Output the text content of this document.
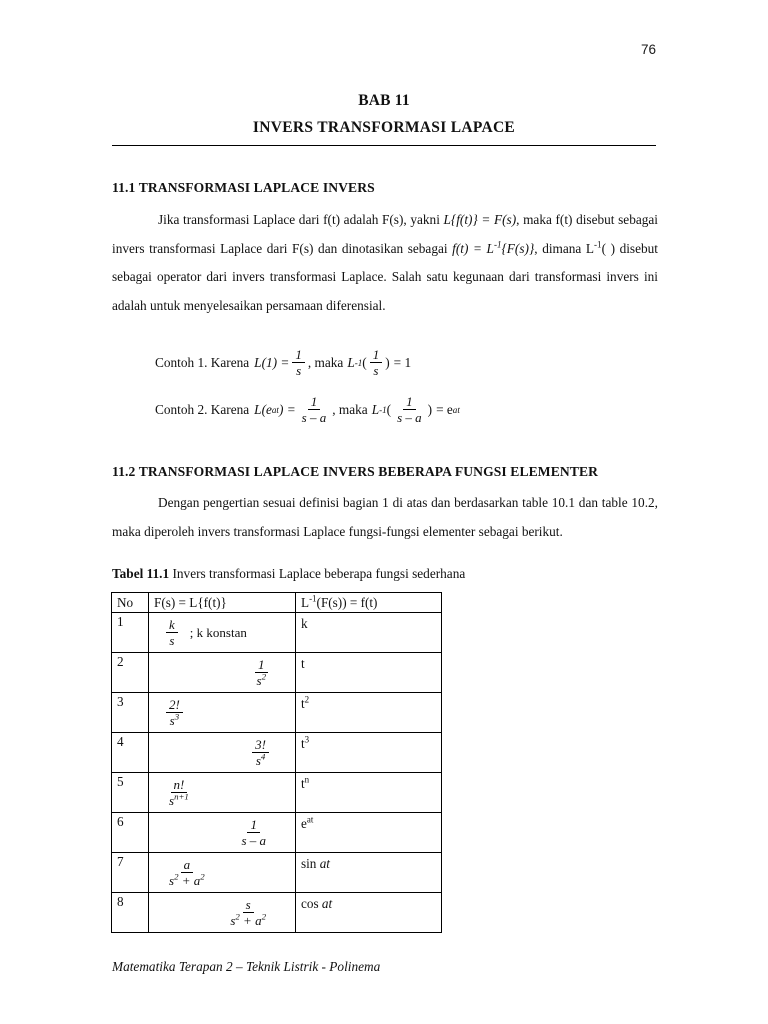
76
BAB 11
INVERS TRANSFORMASI LAPACE
11.1 TRANSFORMASI LAPLACE INVERS
Jika transformasi Laplace dari f(t) adalah F(s), yakni L{f(t)} = F(s), maka f(t) disebut sebagai invers transformasi Laplace dari F(s) dan dinotasikan sebagai $f(t) = L^{-1}\{F(s)\}$, dimana $L^{-1}$( ) disebut sebagai operator dari invers transformasi Laplace. Salah satu kegunaan dari transformasi invers ini adalah untuk menyelesaikan persamaan diferensial.
Contoh 1. Karena $L(1) = \frac{1}{s}$ , maka L -1 ( $\frac{1}{s}$ ) = 1
Contoh 2. Karena L(e at ) = $\frac{1}{s - a}$ , maka L -1 ( $\frac{1}{s - a}$ ) = e at
11.2 TRANSFORMASI LAPLACE INVERS BEBERAPA FUNGSI ELEMENTER
Dengan pengertian sesuai definisi bagian 1 di atas dan berdasarkan table 10.1 dan table 10.2, maka diperoleh invers transformasi Laplace fungsi-fungsi elementer sebagai berikut.
Tabel 11.1 Invers transformasi Laplace beberapa fungsi sederhana
No	F(s) = L{f(t)}	$L^{-1}(F(s)) = f(t)$
1	$\frac{k}{s}$ ; k konstan	k

2	$\frac{1}{s^2}$	t

3	$\frac{2!}{s^3}$	$t^2$

4	$\frac{3!}{s^4}$	$t^3$

5	$\frac{n!}{s^{n+1}}$	$t^n$

6	$\frac{1}{s - a}$	$e^{at}$

7	$\frac{a}{s^2 + a^2}$	sin at

8	$\frac{s}{s^2 + a^2}$	cos at
Matematika Terapan 2 – Teknik Listrik - Polinema
